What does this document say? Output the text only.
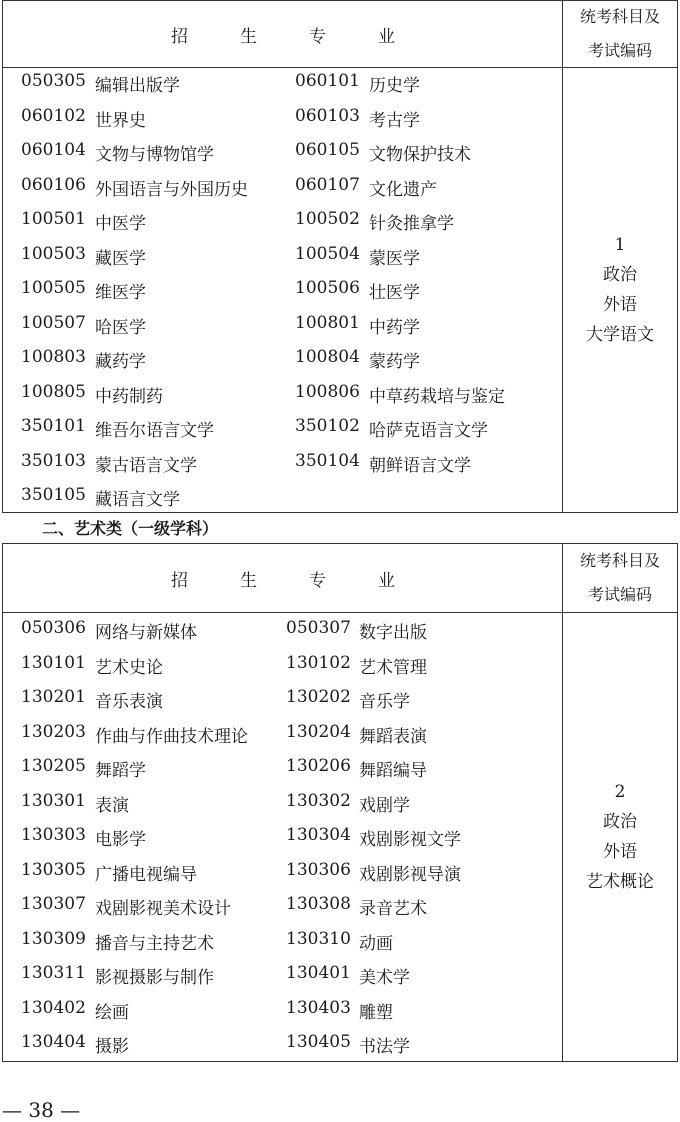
招	生	专	业
统考科目及
考试编码
050305 编辑出版学	060101 历史学
060102 世界史	060103 考古学
060104 文物与博物馆学	060105 文物保护技术
060106 外国语言与外国历史	060107 文化遗产
100501 中医学	100502 针灸推拿学
100503 藏医学	100504 蒙医学
100505 维医学	100506 壮医学
100507 哈医学	100801 中药学
100803 藏药学	100804 蒙药学
100805 中药制药	100806 中草药栽培与鉴定
350101 维吾尔语言文学	350102 哈萨克语言文学
350103 蒙古语言文学	350104 朝鲜语言文学
350105 藏语言文学
1
政治
外语
大学语文
二、艺术类（一级学科）
招	生	专	业
统考科目及
考试编码
050306 网络与新媒体	050307 数字出版
130101 艺术史论	130102 艺术管理
130201 音乐表演	130202 音乐学
130203 作曲与作曲技术理论 130204 舞蹈表演
130205 舞蹈学	130206 舞蹈编导
130301 表演	130302 戏剧学
130303 电影学	130304 戏剧影视文学
130305 广播电视编导	130306 戏剧影视导演
130307 戏剧影视美术设计	130308 录音艺术
130309 播音与主持艺术	130310 动画
130311 影视摄影与制作	130401 美术学
130402 绘画	130403 雕塑
130404 摄影	130405 书法学
2
政治
外语
艺术概论
— 38 —
